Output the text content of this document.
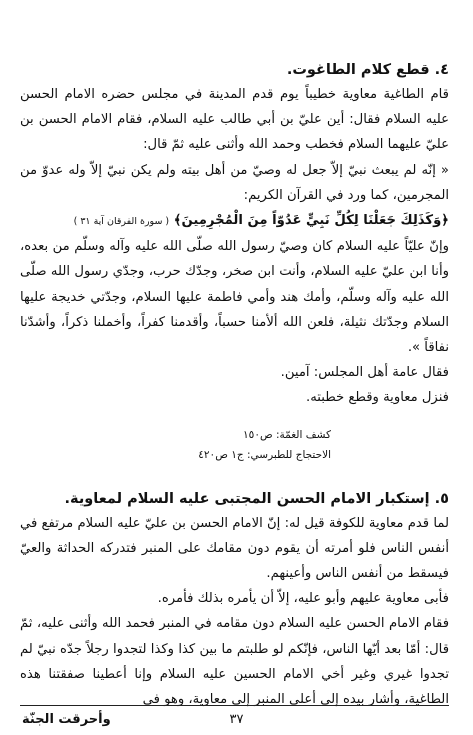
٤. قطع كلام الطاغوت.

قام الطاغية معاوية خطيباً يوم قدم المدينة في مجلس حضره الامام الحسن عليه السلام فقال: أين عليّ بن أبي طالب عليه السلام، فقام الامام الحسن بن عليّ عليهما السلام فخطب وحمد الله وأثنى عليه ثمّ قال:

« إنّه لم يبعث نبيّ إلاّ جعل له وصيّ من أهل بيته ولم يكن نبيّ إلاّ وله عدوّ من المجرمين، كما ورد في القرآن الكريم:

﴿وَكَذَلِكَ جَعَلْنَا لِكُلِّ نَبِيٍّ عَدُوّاً مِنَ الْمُجْرِمِينَ﴾ ( سورة الفرقان آية ٣١ )

وإنّ عليّاً عليه السلام كان وصيّ رسول الله صلّى الله عليه وآله وسلّم من بعده، وأنا ابن عليّ عليه السلام، وأنت ابن صخر، وجدّك حرب، وجدّي رسول الله صلّى الله عليه وآله وسلّم، وأمك هند وأمي فاطمة عليها السلام، وجدّتي خديجة عليها السلام وجدّتك نثيلة، فلعن الله ألأمنا حسباً، وأقدمنا كفراً، وأخملنا ذكراً، وأشدّنا نفاقاً ».

فقال عامة أهل المجلس: آمين.

فنزل معاوية وقطع خطبته.

كشف الغمّة: ص١٥٠

الاحتجاج للطبرسي: ج١ ص٤٢٠

٥. إستكبار الامام الحسن المجتبى عليه السلام لمعاوية.

لما قدم معاوية للكوفة قيل له: إنّ الامام الحسن بن عليّ عليه السلام مرتفع في أنفس الناس فلو أمرته أن يقوم دون مقامك على المنبر فتدركه الحداثة والعيّ فيسقط من أنفس الناس وأعينهم.

فأبى معاوية عليهم وأبو عليه، إلاّ أن يأمره بذلك فأمره.

فقام الامام الحسن عليه السلام دون مقامه في المنبر فحمد الله وأثنى عليه، ثمّ قال: أمّا بعد أيّها الناس، فإنّكم لو طلبتم ما بين كذا وكذا لتجدوا رجلاً جدّه نبيّ لم تجدوا غيري وغير أخي الامام الحسين عليه السلام وإنا أعطينا صفقتنا هذه الطاغية، وأشار بيده إلى أعلى المنبر إلى معاوية، وهو في

٣٧
وأحرقت الجنّة
